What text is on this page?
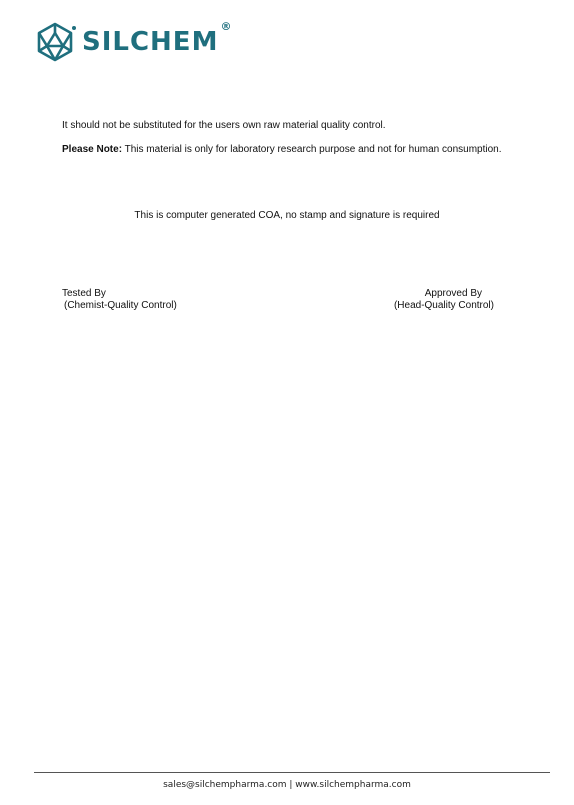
SILCHEM®

It should not be substituted for the users own raw material quality control.

Please Note: This material is only for laboratory research purpose and not for human consumption.

This is computer generated COA, no stamp and signature is required
Tested By
(Chemist-Quality Control)
Approved By
(Head-Quality Control)
sales@silchempharma.com | www.silchempharma.com
